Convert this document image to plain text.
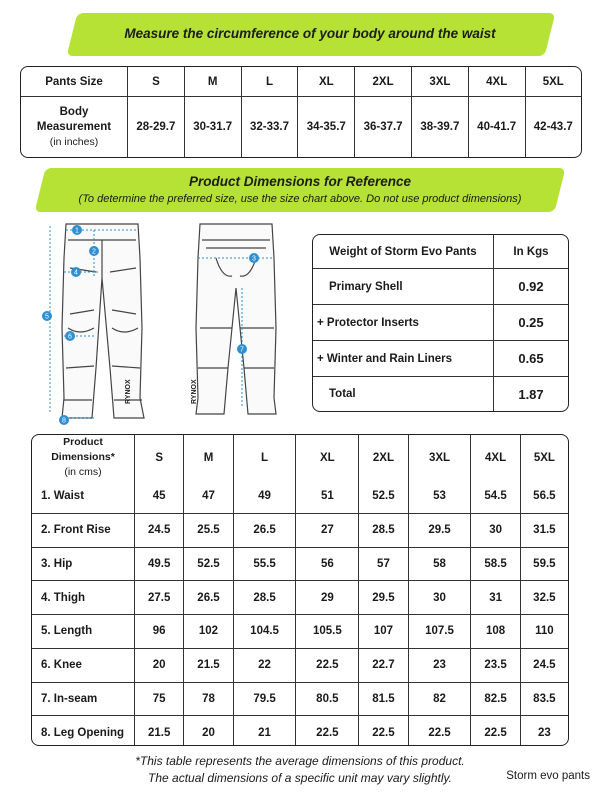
Measure the circumference of your body around the waist
Pants Size	S	M	L	XL	2XL	3XL	4XL	5XL
Body
Measurement
(in inches)	28-29.7	30-31.7	32-33.7	34-35.7	36-37.7	38-39.7	40-41.7	42-43.7
Product Dimensions for Reference
(To determine the preferred size, use the size chart above. Do not use product dimensions)
RYNOX	RYNOX
1
2
3
4
5
6
7
8
Weight of Storm Evo Pants	In Kgs
Primary Shell	0.92
+ Protector Inserts	0.25
+ Winter and Rain Liners	0.65
Total	1.87
Product Dimensions*
(in cms)	S	M	L	XL	2XL	3XL	4XL	5XL
1. Waist	45	47	49	51	52.5	53	54.5	56.5
2. Front Rise	24.5	25.5	26.5	27	28.5	29.5	30	31.5
3. Hip	49.5	52.5	55.5	56	57	58	58.5	59.5
4. Thigh	27.5	26.5	28.5	29	29.5	30	31	32.5
5. Length	96	102	104.5	105.5	107	107.5	108	110
6. Knee	20	21.5	22	22.5	22.7	23	23.5	24.5
7. In-seam	75	78	79.5	80.5	81.5	82	82.5	83.5
8. Leg Opening	21.5	20	21	22.5	22.5	22.5	22.5	23
*This table represents the average dimensions of this product.
The actual dimensions of a specific unit may vary slightly.	Storm evo pants
